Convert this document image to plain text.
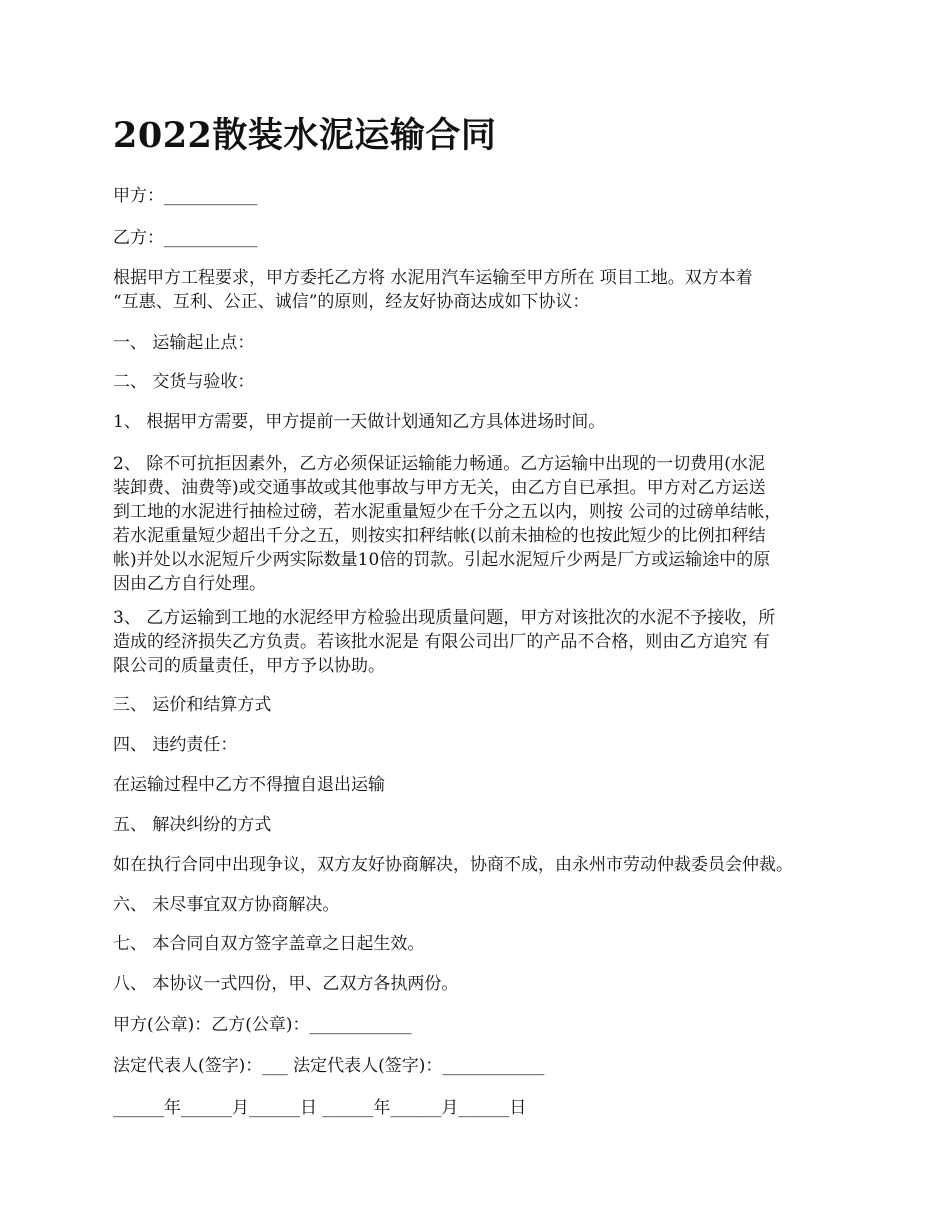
2022散装水泥运输合同

甲方：___________

乙方：___________

根据甲方工程要求，甲方委托乙方将 水泥用汽车运输至甲方所在 项目工地。双方本着
“互惠、互利、公正、诚信”的原则，经友好协商达成如下协议：

一、 运输起止点：

二、 交货与验收：

1、 根据甲方需要，甲方提前一天做计划通知乙方具体进场时间。

2、 除不可抗拒因素外，乙方必须保证运输能力畅通。乙方运输中出现的一切费用(水泥
装卸费、油费等)或交通事故或其他事故与甲方无关，由乙方自已承担。甲方对乙方运送
到工地的水泥进行抽检过磅，若水泥重量短少在千分之五以内，则按 公司的过磅单结帐，
若水泥重量短少超出千分之五，则按实扣秤结帐(以前未抽检的也按此短少的比例扣秤结
帐)并处以水泥短斤少两实际数量10倍的罚款。引起水泥短斤少两是厂方或运输途中的原
因由乙方自行处理。
3、 乙方运输到工地的水泥经甲方检验出现质量问题，甲方对该批次的水泥不予接收，所
造成的经济损失乙方负责。若该批水泥是 有限公司出厂的产品不合格，则由乙方追究 有
限公司的质量责任，甲方予以协助。

三、 运价和结算方式

四、 违约责任：

在运输过程中乙方不得擅自退出运输

五、 解决纠纷的方式

如在执行合同中出现争议，双方友好协商解决，协商不成，由永州市劳动仲裁委员会仲裁。

六、 未尽事宜双方协商解决。

七、 本合同自双方签字盖章之日起生效。

八、 本协议一式四份，甲、乙双方各执两份。

甲方(公章)：乙方(公章)：____________

法定代表人(签字)：___ 法定代表人(签字)：____________

______年______月______日 ______年______月______日
